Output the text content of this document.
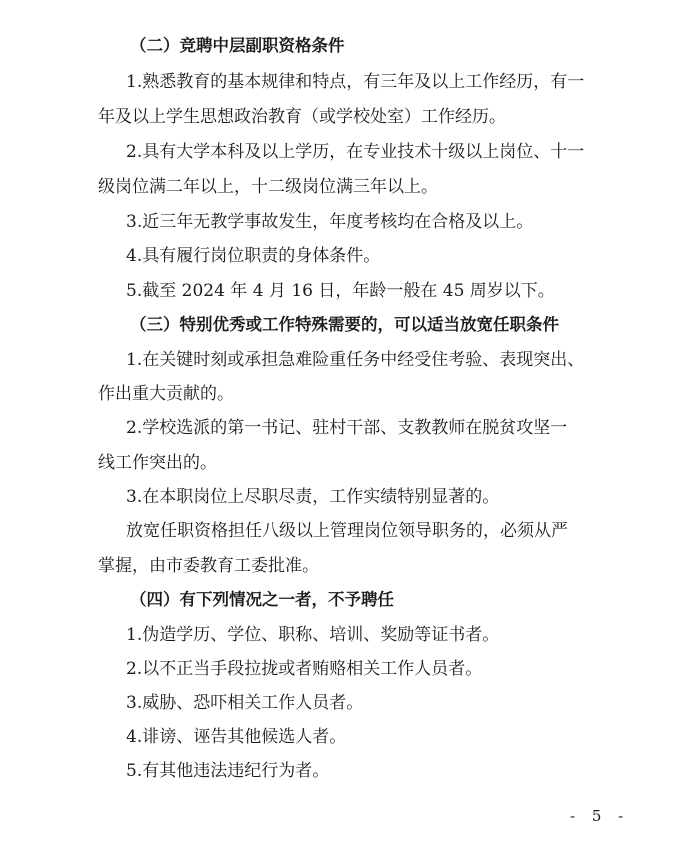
（二）竞聘中层副职资格条件
1.熟悉教育的基本规律和特点，有三年及以上工作经历，有一
年及以上学生思想政治教育（或学校处室）工作经历。
2.具有大学本科及以上学历，在专业技术十级以上岗位、十一
级岗位满二年以上，十二级岗位满三年以上。
3.近三年无教学事故发生，年度考核均在合格及以上。
4.具有履行岗位职责的身体条件。
5.截至 2024 年 4 月 16 日，年龄一般在 45 周岁以下。
（三）特别优秀或工作特殊需要的，可以适当放宽任职条件
1.在关键时刻或承担急难险重任务中经受住考验、表现突出、
作出重大贡献的。
2.学校选派的第一书记、驻村干部、支教教师在脱贫攻坚一
线工作突出的。
3.在本职岗位上尽职尽责，工作实绩特别显著的。
放宽任职资格担任八级以上管理岗位领导职务的，必须从严
掌握，由市委教育工委批准。
（四）有下列情况之一者，不予聘任
1.伪造学历、学位、职称、培训、奖励等证书者。
2.以不正当手段拉拢或者贿赂相关工作人员者。
3.威胁、恐吓相关工作人员者。
4.诽谤、诬告其他候选人者。
5.有其他违法违纪行为者。
- 5 -
